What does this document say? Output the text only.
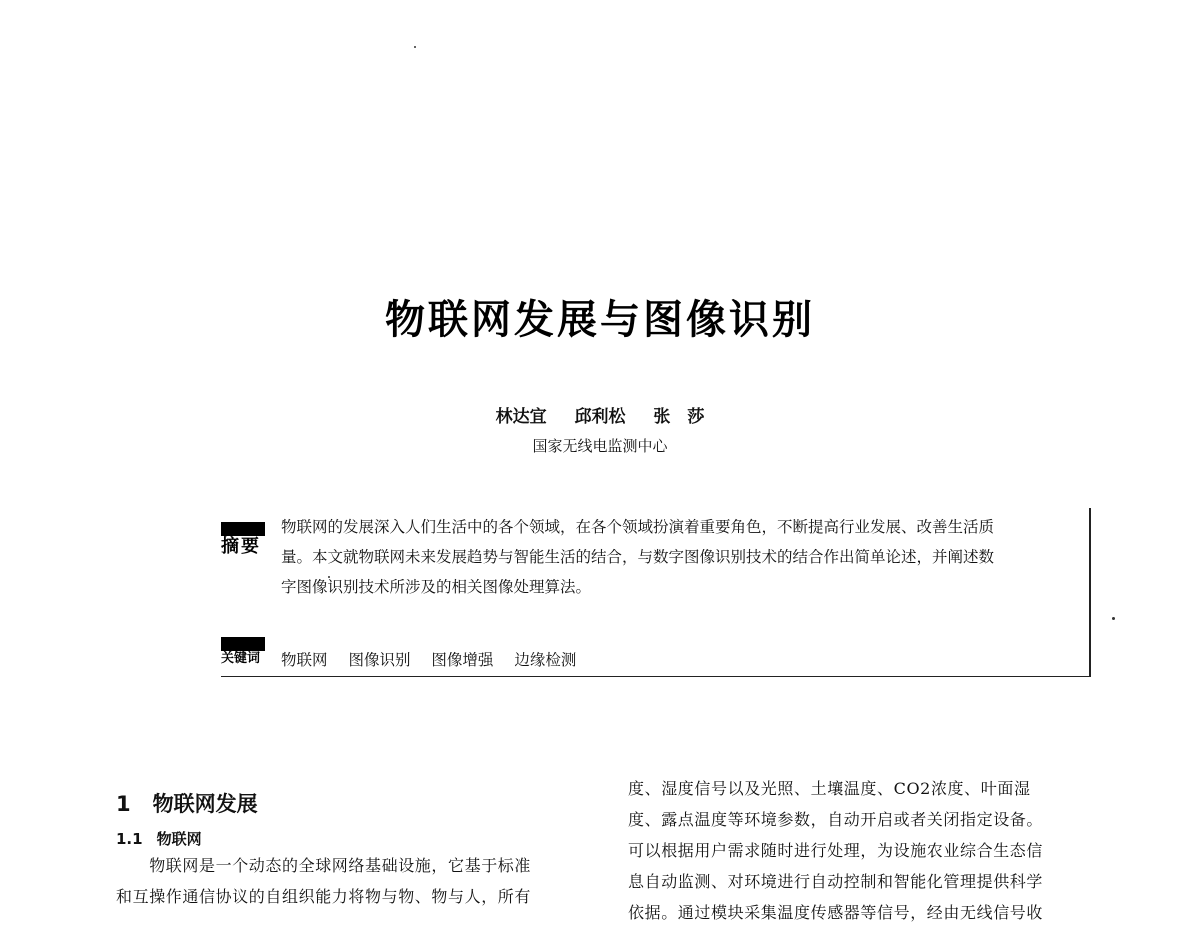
物联网发展与图像识别
林达宜 邱利松 张　莎
国家无线电监测中心
摘要
物联网的发展深入人们生活中的各个领域，在各个领域扮演着重要角色，不断提高行业发展、改善生活质
量。本文就物联网未来发展趋势与智能生活的结合，与数字图像识别技术的结合作出简单论述，并阐述数
字图像识别技术所涉及的相关图像处理算法。
关键词	物联网 图像识别 图像增强 边缘检测
1 物联网发展
1.1 物联网

　　物联网是一个动态的全球网络基础设施，它基于标准

和互操作通信协议的自组织能力将物与物、物与人，所有

度、湿度信号以及光照、土壤温度、CO2浓度、叶面湿

度、露点温度等环境参数，自动开启或者关闭指定设备。

可以根据用户需求随时进行处理，为设施农业综合生态信

息自动监测、对环境进行自动控制和智能化管理提供科学

依据。通过模块采集温度传感器等信号，经由无线信号收
